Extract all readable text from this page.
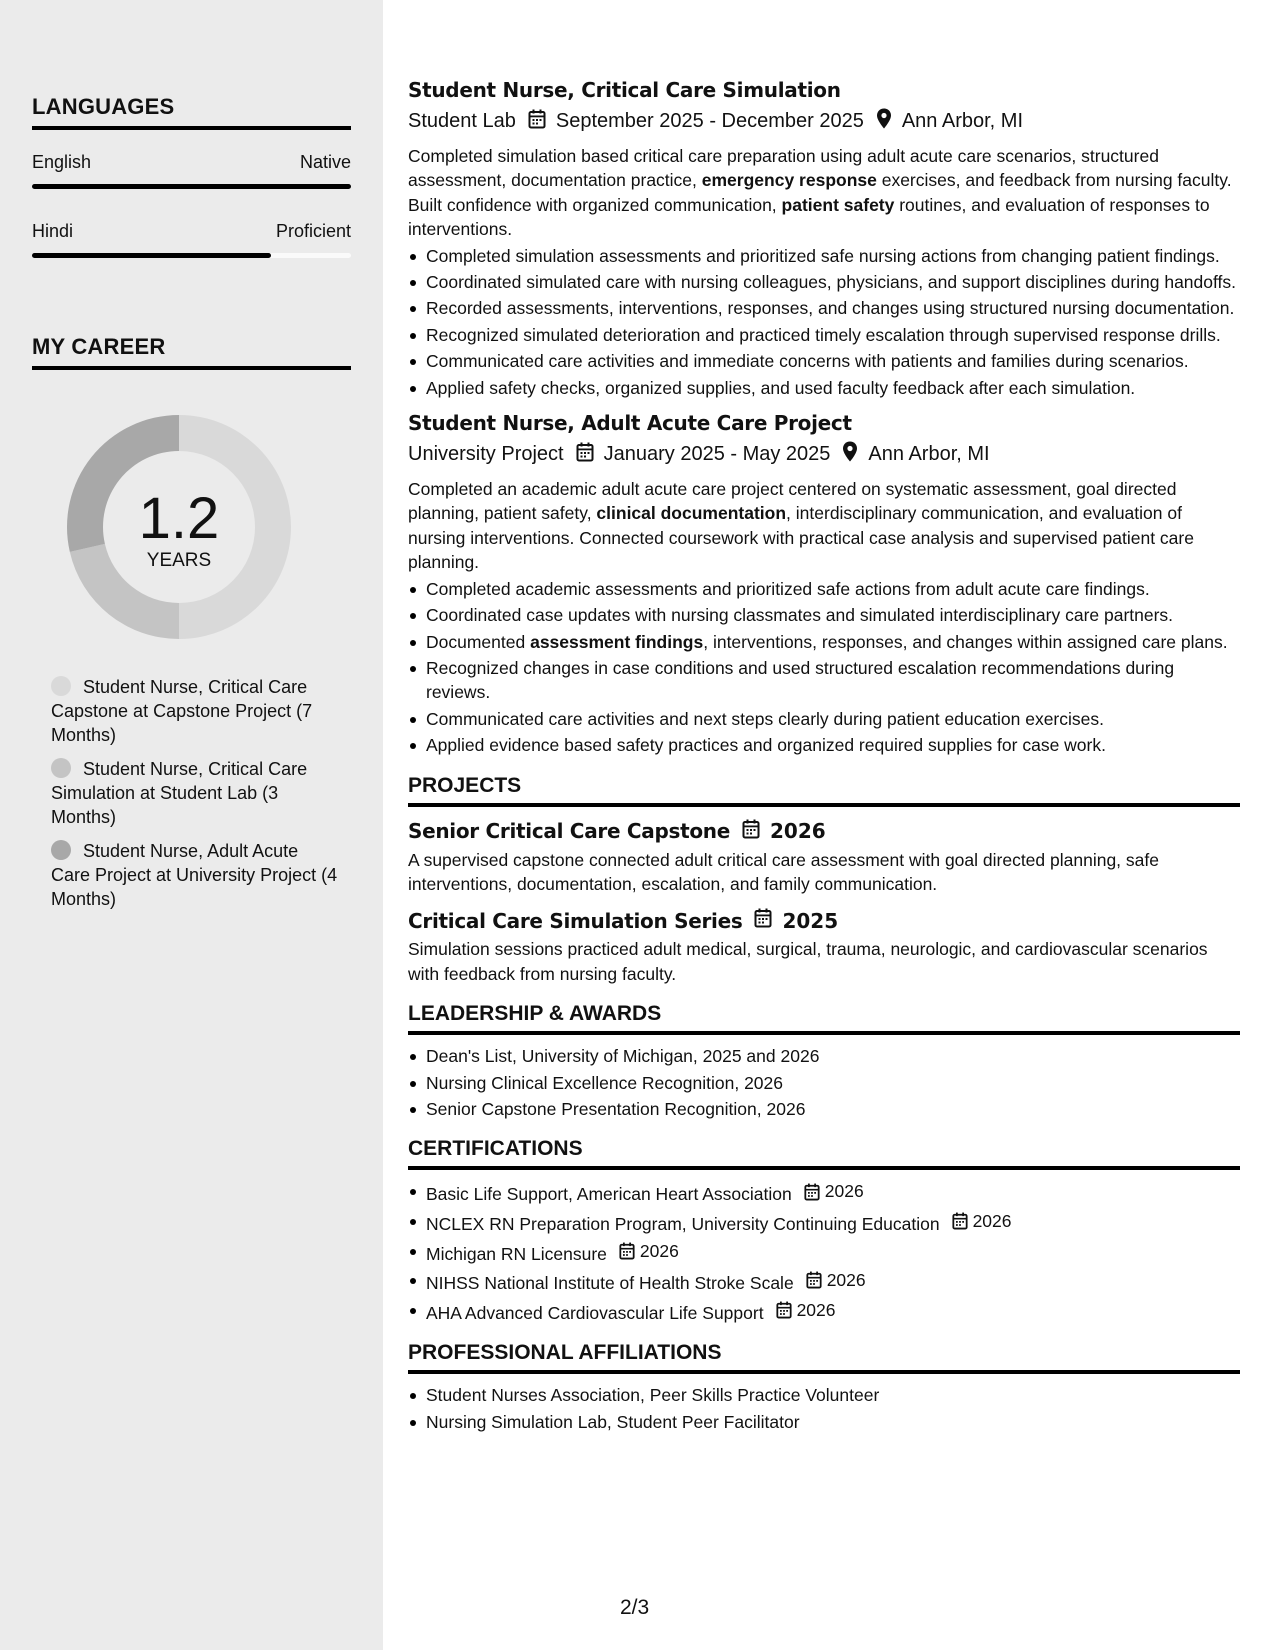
LANGUAGES
English	Native
Hindi	Proficient
MY CAREER
1.2
YEARS
Student Nurse, Critical Care Capstone at Capstone Project (7 Months)
Student Nurse, Critical Care Simulation at Student Lab (3 Months)
Student Nurse, Adult Acute Care Project at University Project (4 Months)
Student Nurse, Critical Care Simulation
Student Lab September 2025 - December 2025 Ann Arbor, MI

Completed simulation based critical care preparation using adult acute care scenarios, structured assessment, documentation practice, emergency response exercises, and feedback from nursing faculty. Built confidence with organized communication, patient safety routines, and evaluation of responses to interventions.

Completed simulation assessments and prioritized safe nursing actions from changing patient findings.
Coordinated simulated care with nursing colleagues, physicians, and support disciplines during handoffs.
Recorded assessments, interventions, responses, and changes using structured nursing documentation.
Recognized simulated deterioration and practiced timely escalation through supervised response drills.
Communicated care activities and immediate concerns with patients and families during scenarios.
Applied safety checks, organized supplies, and used faculty feedback after each simulation.
Student Nurse, Adult Acute Care Project
University Project January 2025 - May 2025 Ann Arbor, MI

Completed an academic adult acute care project centered on systematic assessment, goal directed planning, patient safety, clinical documentation, interdisciplinary communication, and evaluation of nursing interventions. Connected coursework with practical case analysis and supervised patient care planning.

Completed academic assessments and prioritized safe actions from adult acute care findings.
Coordinated case updates with nursing classmates and simulated interdisciplinary care partners.
Documented assessment findings, interventions, responses, and changes within assigned care plans.
Recognized changes in case conditions and used structured escalation recommendations during reviews.
Communicated care activities and next steps clearly during patient education exercises.
Applied evidence based safety practices and organized required supplies for case work.
PROJECTS
Senior Critical Care Capstone 2026

A supervised capstone connected adult critical care assessment with goal directed planning, safe interventions, documentation, escalation, and family communication.

Critical Care Simulation Series 2025

Simulation sessions practiced adult medical, surgical, trauma, neurologic, and cardiovascular scenarios with feedback from nursing faculty.

LEADERSHIP & AWARDS
Dean's List, University of Michigan, 2025 and 2026
Nursing Clinical Excellence Recognition, 2026
Senior Capstone Presentation Recognition, 2026
CERTIFICATIONS
Basic Life Support, American Heart Association 2026
NCLEX RN Preparation Program, University Continuing Education 2026
Michigan RN Licensure 2026
NIHSS National Institute of Health Stroke Scale 2026
AHA Advanced Cardiovascular Life Support 2026
PROFESSIONAL AFFILIATIONS
Student Nurses Association, Peer Skills Practice Volunteer
Nursing Simulation Lab, Student Peer Facilitator
2/3
